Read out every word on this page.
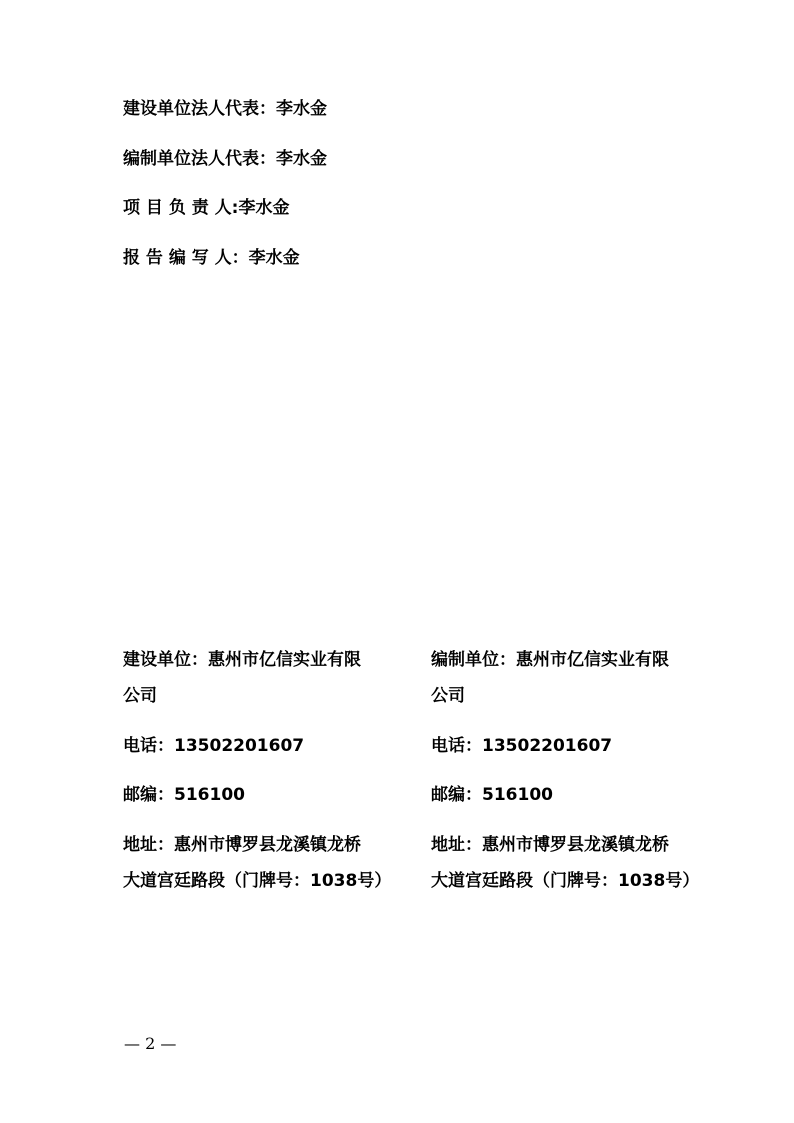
建设单位法人代表：李水金
编制单位法人代表：李水金
项 目 负 责 人:李水金
报 告 编 写 人：李水金
建设单位：惠州市亿信实业有限
公司
电话：13502201607
邮编：516100
地址：惠州市博罗县龙溪镇龙桥
大道宫廷路段（门牌号：1038号）
编制单位：惠州市亿信实业有限
公司
电话：13502201607
邮编：516100
地址：惠州市博罗县龙溪镇龙桥
大道宫廷路段（门牌号：1038号）
— 2 —
